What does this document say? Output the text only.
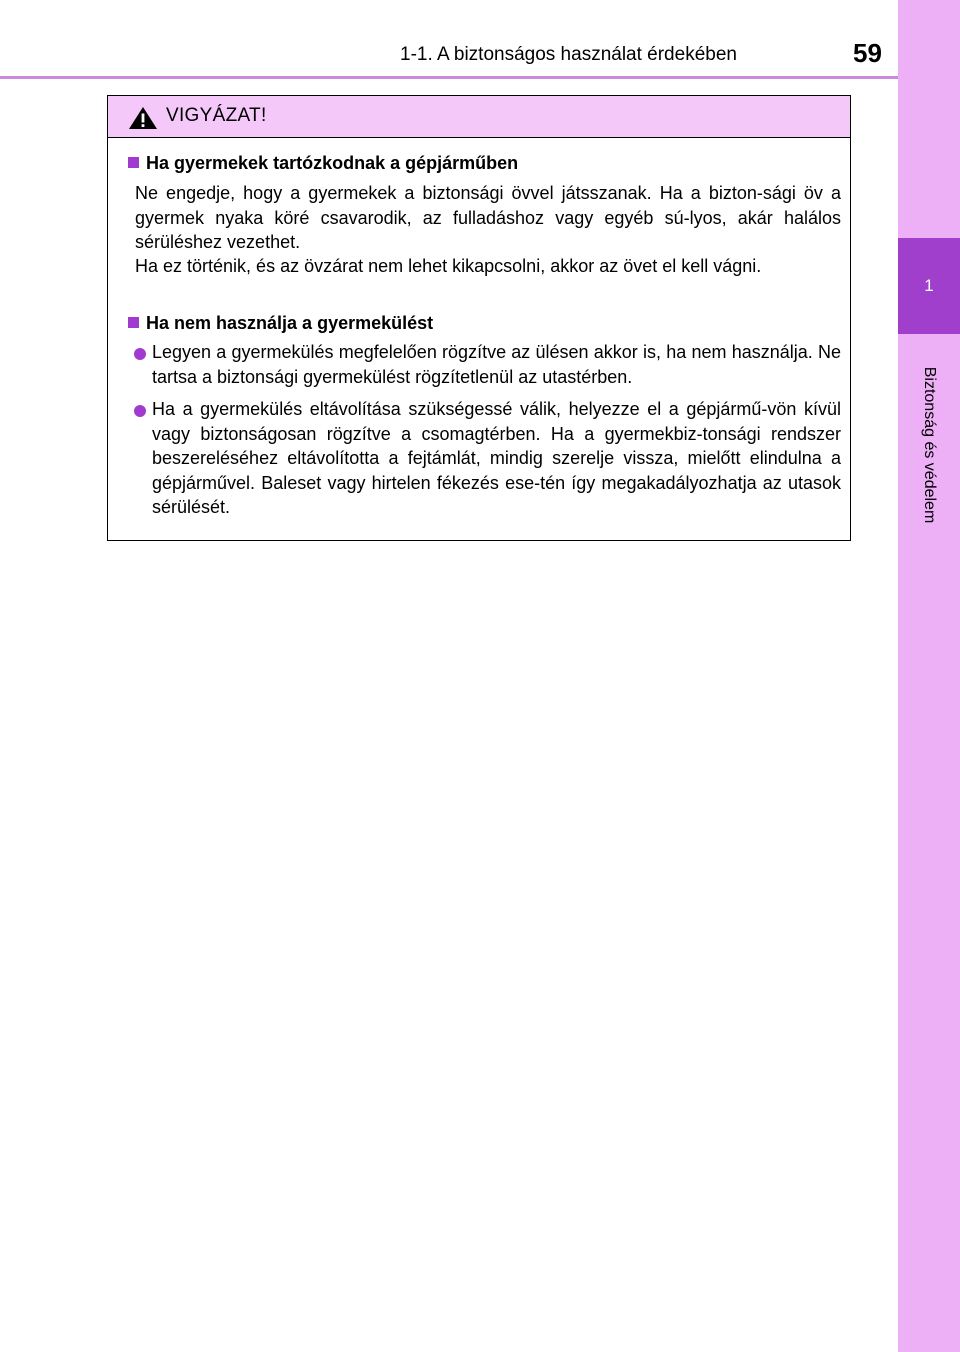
1-1. A biztonságos használat érdekében	59
1
Biztonság és védelem
VIGYÁZAT!
Ha gyermekek tartózkodnak a gépjárműben
Ne engedje, hogy a gyermekek a biztonsági övvel játsszanak. Ha a bizton-sági öv a gyermek nyaka köré csavarodik, az fulladáshoz vagy egyéb sú-lyos, akár halálos sérüléshez vezethet.
Ha ez történik, és az övzárat nem lehet kikapcsolni, akkor az övet el kell vágni.
Ha nem használja a gyermekülést
Legyen a gyermekülés megfelelően rögzítve az ülésen akkor is, ha nem használja. Ne tartsa a biztonsági gyermekülést rögzítetlenül az utastérben.
Ha a gyermekülés eltávolítása szükségessé válik, helyezze el a gépjármű-vön kívül vagy biztonságosan rögzítve a csomagtérben. Ha a gyermekbiz-tonsági rendszer beszereléséhez eltávolította a fejtámlát, mindig szerelje vissza, mielőtt elindulna a gépjárművel. Baleset vagy hirtelen fékezés ese-tén így megakadályozhatja az utasok sérülését.
